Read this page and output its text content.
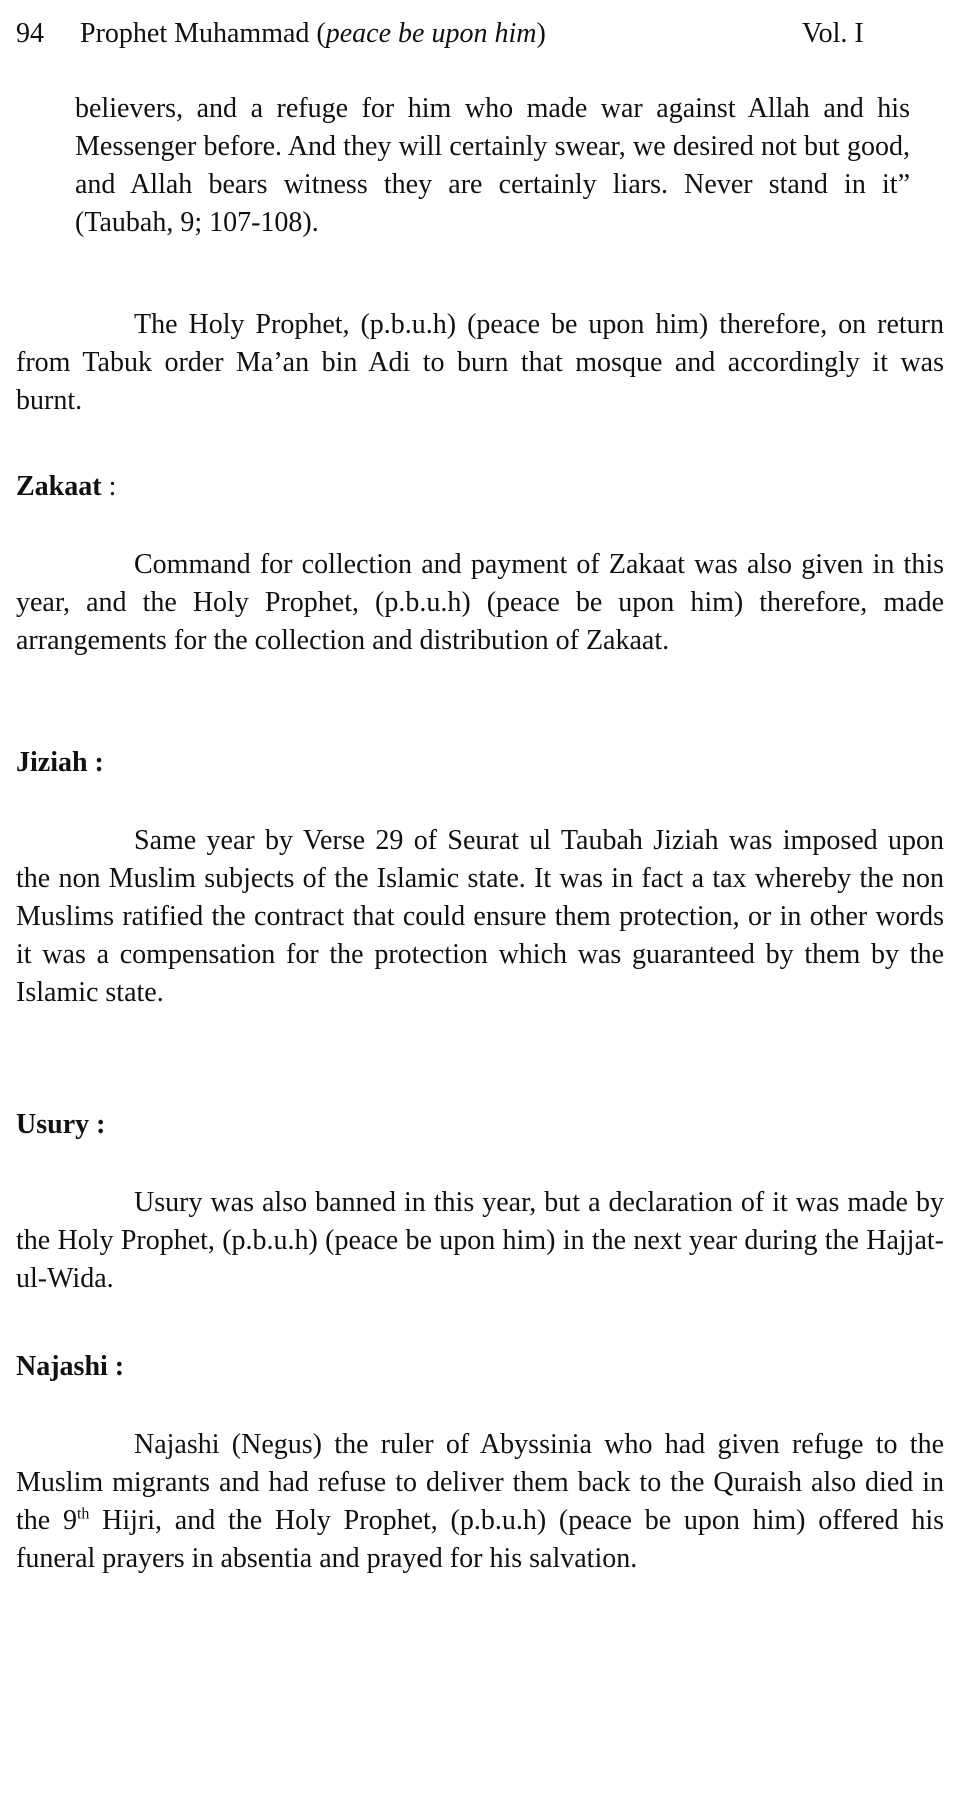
94 Prophet Muhammad (peace be upon him)	Vol. I
believers, and a refuge for him who made war against Allah and his Messenger before. And they will certainly swear, we desired not but good, and Allah bears witness they are certainly liars. Never stand in it” (Taubah, 9; 107-108).
The Holy Prophet, (p.b.u.h) (peace be upon him) therefore, on return from Tabuk order Ma’an bin Adi to burn that mosque and accordingly it was burnt.
Zakaat :
Command for collection and payment of Zakaat was also given in this year, and the Holy Prophet, (p.b.u.h) (peace be upon him) therefore, made arrangements for the collection and distribution of Zakaat.
Jiziah :
Same year by Verse 29 of Seurat ul Taubah Jiziah was imposed upon the non Muslim subjects of the Islamic state. It was in fact a tax whereby the non Muslims ratified the contract that could ensure them protection, or in other words it was a compensation for the protection which was guaranteed by them by the Islamic state.
Usury :
Usury was also banned in this year, but a declaration of it was made by the Holy Prophet, (p.b.u.h) (peace be upon him) in the next year during the Hajjat-ul-Wida.
Najashi :
Najashi (Negus) the ruler of Abyssinia who had given refuge to the Muslim migrants and had refuse to deliver them back to the Quraish also died in the 9th Hijri, and the Holy Prophet, (p.b.u.h) (peace be upon him) offered his funeral prayers in absentia and prayed for his salvation.
